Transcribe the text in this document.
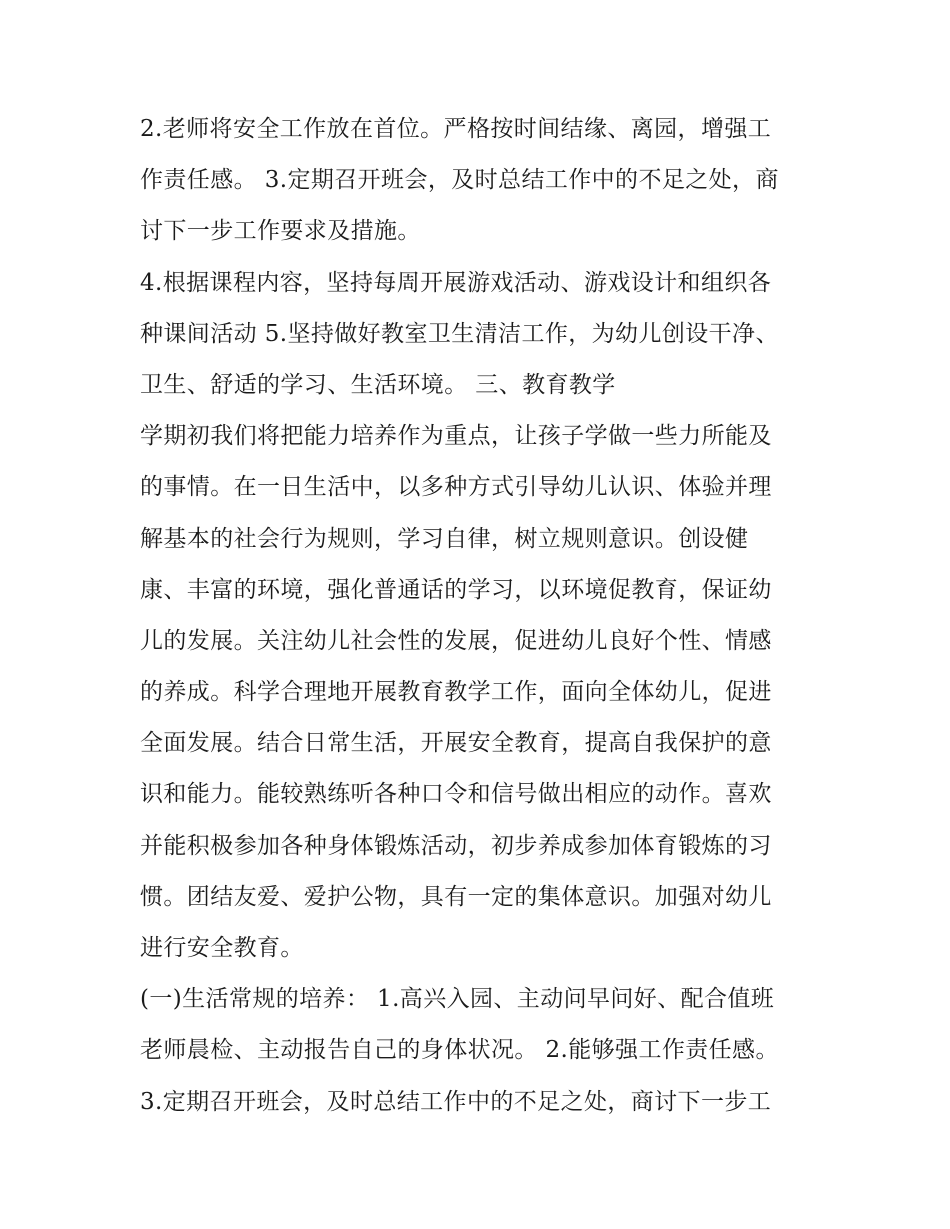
2.老师将安全工作放在首位。严格按时间结缘、离园，增强工
作责任感。 3.定期召开班会，及时总结工作中的不足之处，商
讨下一步工作要求及措施。
4.根据课程内容，坚持每周开展游戏活动、游戏设计和组织各
种课间活动 5.坚持做好教室卫生清洁工作，为幼儿创设干净、
卫生、舒适的学习、生活环境。 三、教育教学
学期初我们将把能力培养作为重点，让孩子学做一些力所能及
的事情。在一日生活中，以多种方式引导幼儿认识、体验并理
解基本的社会行为规则，学习自律，树立规则意识。创设健
康、丰富的环境，强化普通话的学习，以环境促教育，保证幼
儿的发展。关注幼儿社会性的发展，促进幼儿良好个性、情感
的养成。科学合理地开展教育教学工作，面向全体幼儿，促进
全面发展。结合日常生活，开展安全教育，提高自我保护的意
识和能力。能较熟练听各种口令和信号做出相应的动作。喜欢
并能积极参加各种身体锻炼活动，初步养成参加体育锻炼的习
惯。团结友爱、爱护公物，具有一定的集体意识。加强对幼儿
进行安全教育。
(一)生活常规的培养： 1.高兴入园、主动问早问好、配合值班
老师晨检、主动报告自己的身体状况。 2.能够强工作责任感。
3.定期召开班会，及时总结工作中的不足之处，商讨下一步工
